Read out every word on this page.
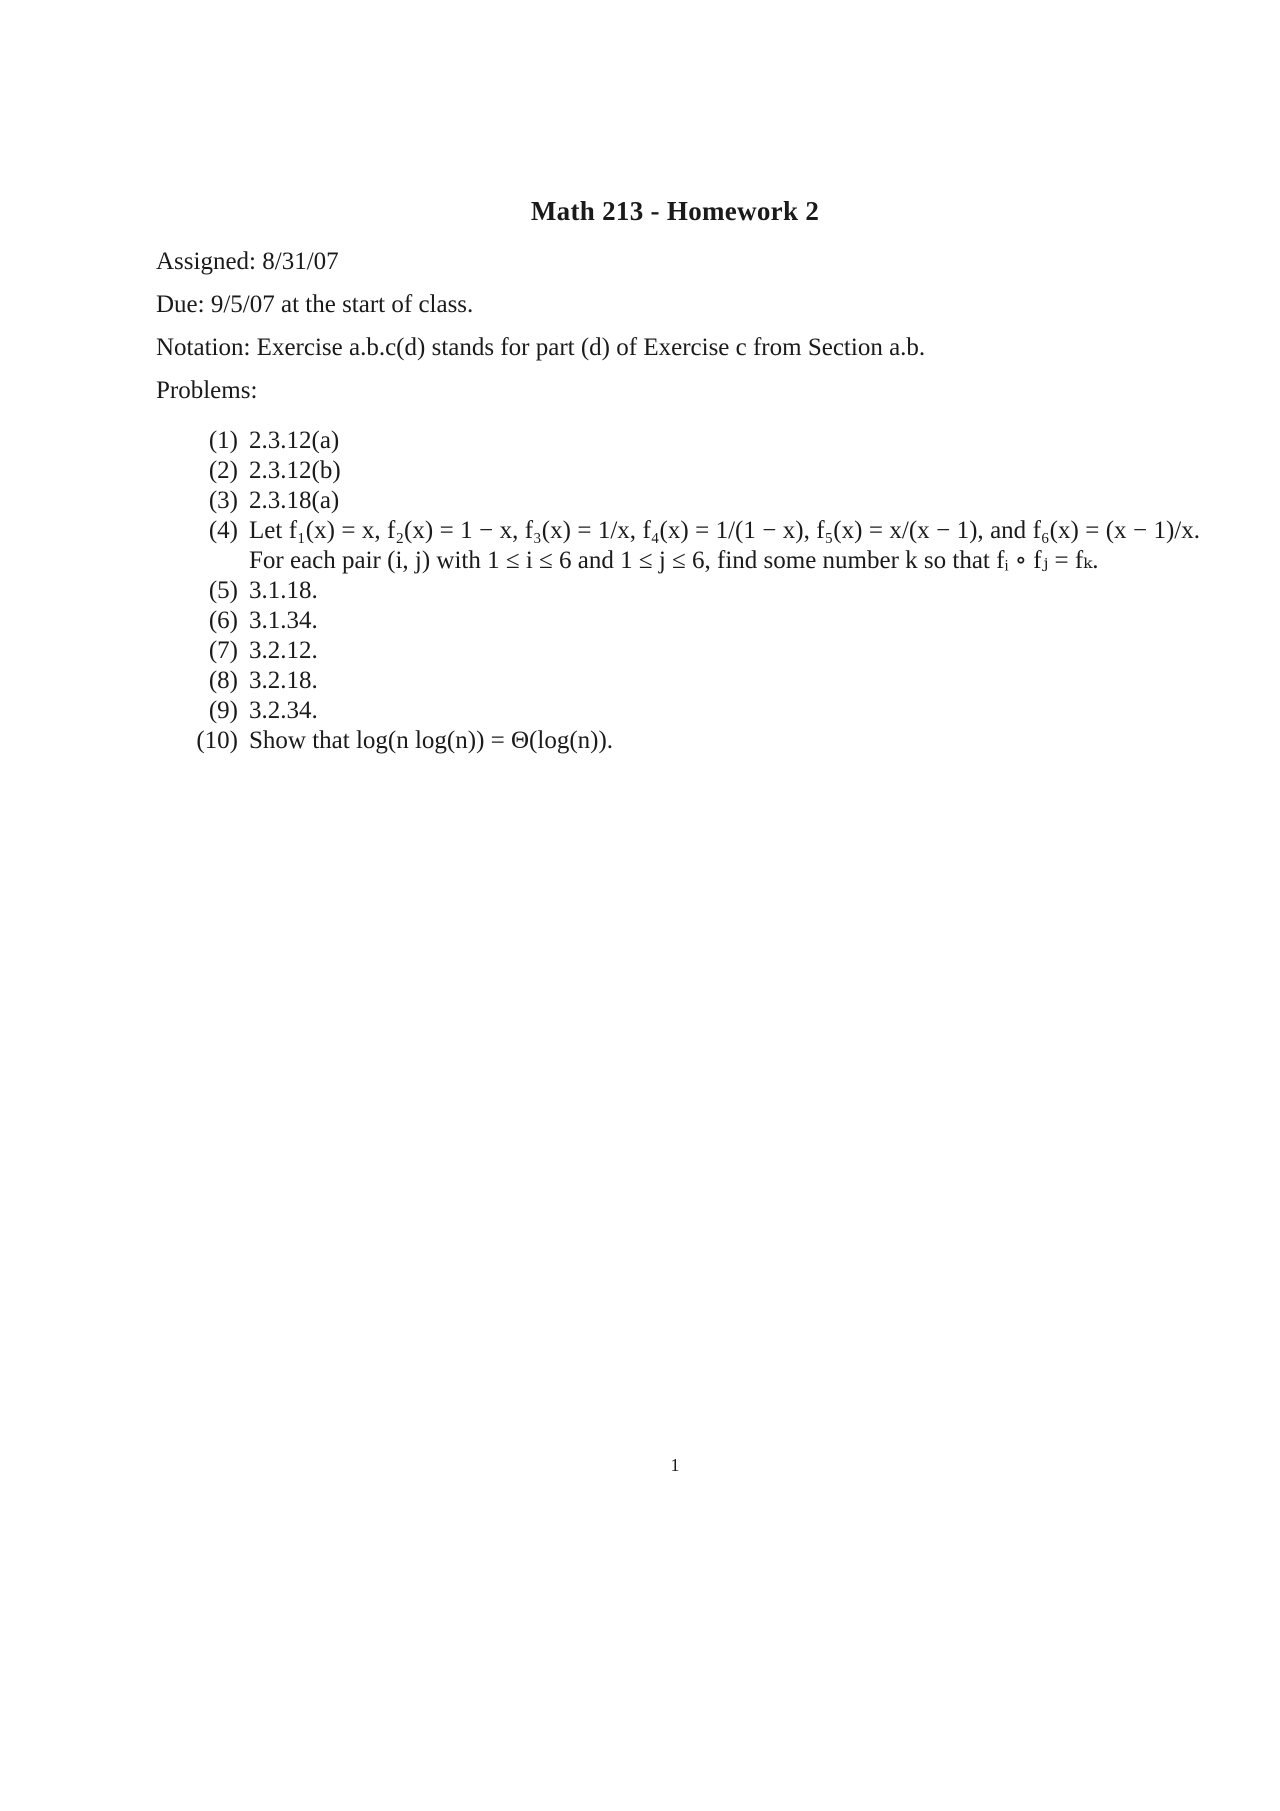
Math 213 - Homework 2
Assigned: 8/31/07
Due: 9/5/07 at the start of class.
Notation: Exercise a.b.c(d) stands for part (d) of Exercise c from Section a.b.
Problems:
(1) 2.3.12(a)
(2) 2.3.12(b)
(3) 2.3.18(a)
(4) Let f₁(x) = x, f₂(x) = 1 − x, f₃(x) = 1/x, f₄(x) = 1/(1 − x), f₅(x) = x/(x − 1), and f₆(x) = (x − 1)/x. For each pair (i, j) with 1 ≤ i ≤ 6 and 1 ≤ j ≤ 6, find some number k so that fᵢ ∘ fⱼ = fₖ.
(5) 3.1.18.
(6) 3.1.34.
(7) 3.2.12.
(8) 3.2.18.
(9) 3.2.34.
(10) Show that log(n log(n)) = Θ(log(n)).
1
